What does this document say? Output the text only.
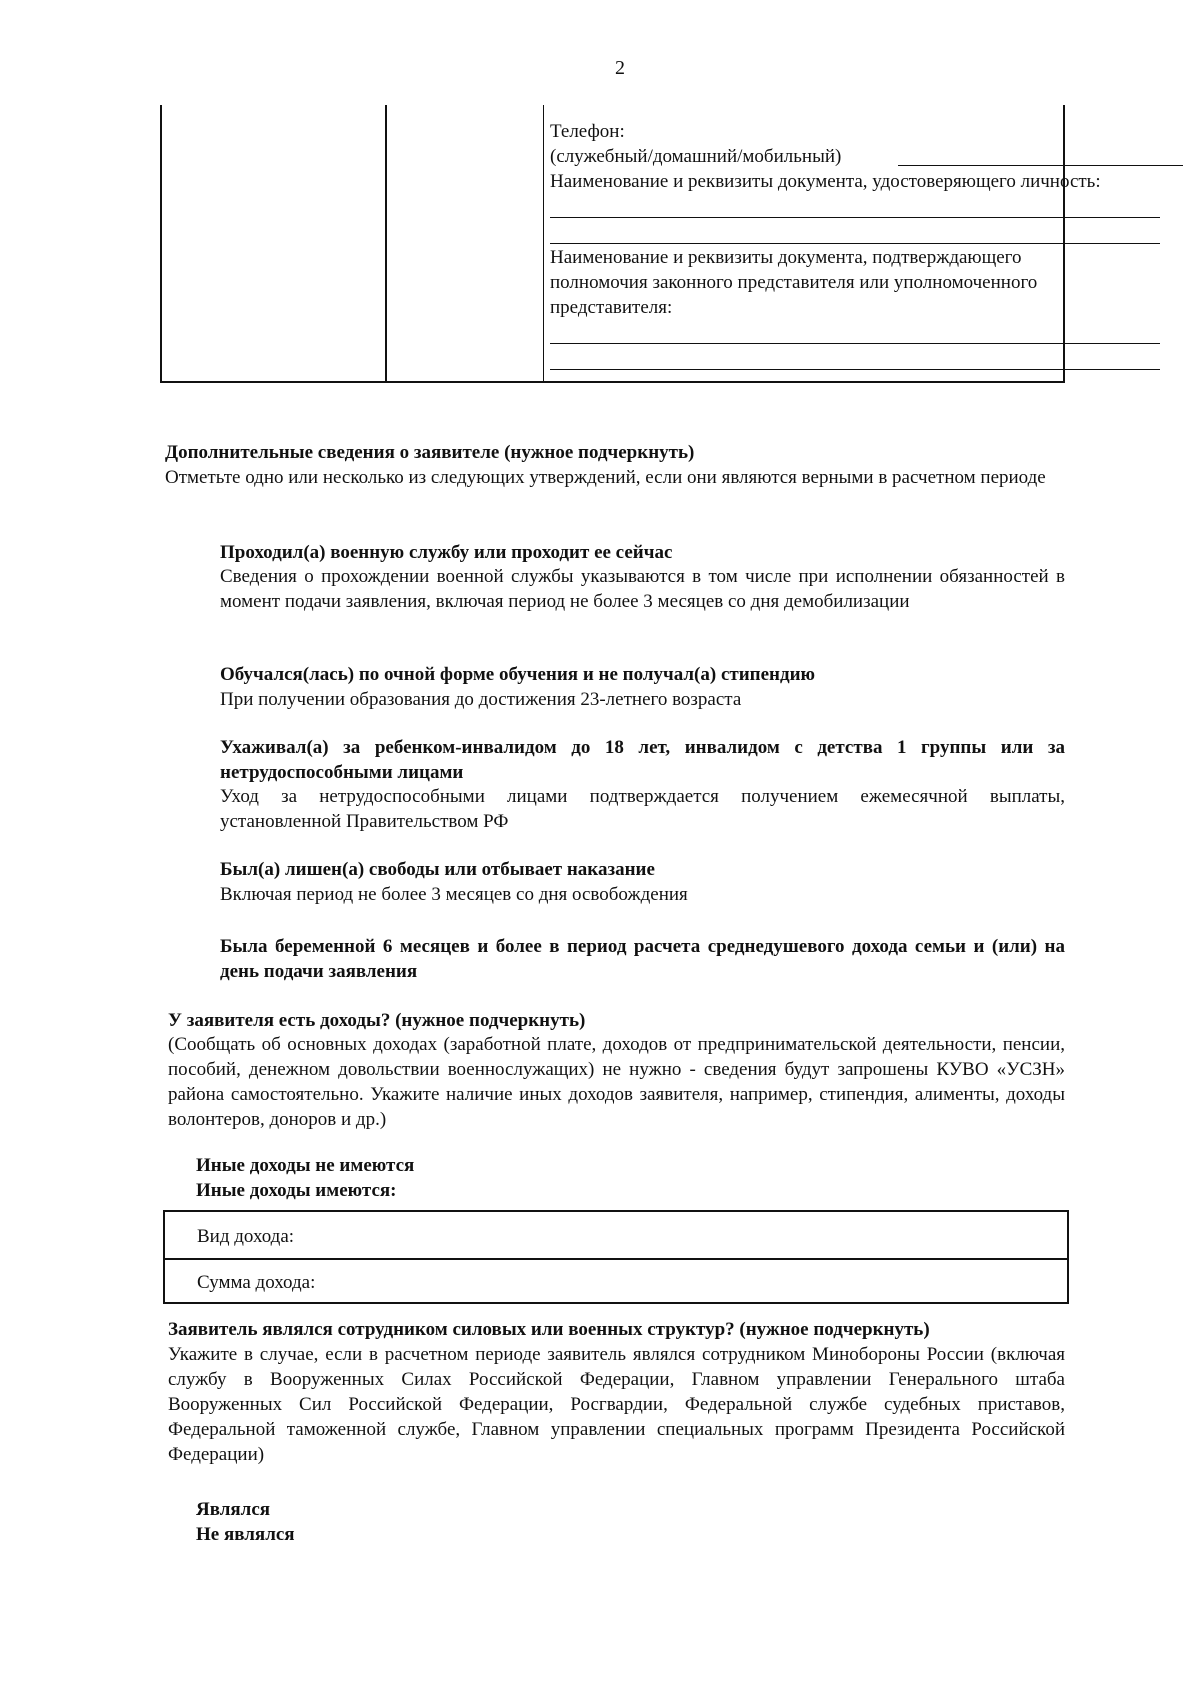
2
Телефон:
(служебный/домашний/мобильный)
Наименование и реквизиты документа, удостоверяющего личность:
Наименование и реквизиты документа, подтверждающего
полномочия законного представителя или уполномоченного
представителя:
Дополнительные сведения о заявителе (нужное подчеркнуть)
Отметьте одно или несколько из следующих утверждений, если они являются верными в расчетном периоде
Проходил(а) военную службу или проходит ее сейчас
Сведения о прохождении военной службы указываются в том числе при исполнении обязанностей в момент подачи заявления, включая период не более 3 месяцев со дня демобилизации
Обучался(лась) по очной форме обучения и не получал(а) стипендию
При получении образования до достижения 23-летнего возраста
Ухаживал(а) за ребенком-инвалидом до 18 лет, инвалидом с детства 1 группы или за нетрудоспособными лицами
Уход за нетрудоспособными лицами подтверждается получением ежемесячной выплаты, установленной Правительством РФ
Был(а) лишен(а) свободы или отбывает наказание
Включая период не более 3 месяцев со дня освобождения
Была беременной 6 месяцев и более в период расчета среднедушевого дохода семьи и (или) на день подачи заявления
У заявителя есть доходы? (нужное подчеркнуть)
(Сообщать об основных доходах (заработной плате, доходов от предпринимательской деятельности, пенсии, пособий, денежном довольствии военнослужащих) не нужно - сведения будут запрошены КУВО «УСЗН» района самостоятельно. Укажите наличие иных доходов заявителя, например, стипендия, алименты, доходы волонтеров, доноров и др.)
Иные доходы не имеются
Иные доходы имеются:
Вид дохода:
Сумма дохода:
Заявитель являлся сотрудником силовых или военных структур? (нужное подчеркнуть)
Укажите в случае, если в расчетном периоде заявитель являлся сотрудником Минобороны России (включая службу в Вооруженных Силах Российской Федерации, Главном управлении Генерального штаба Вооруженных Сил Российской Федерации, Росгвардии, Федеральной службе судебных приставов, Федеральной таможенной службе, Главном управлении специальных программ Президента Российской Федерации)
Являлся
Не являлся
